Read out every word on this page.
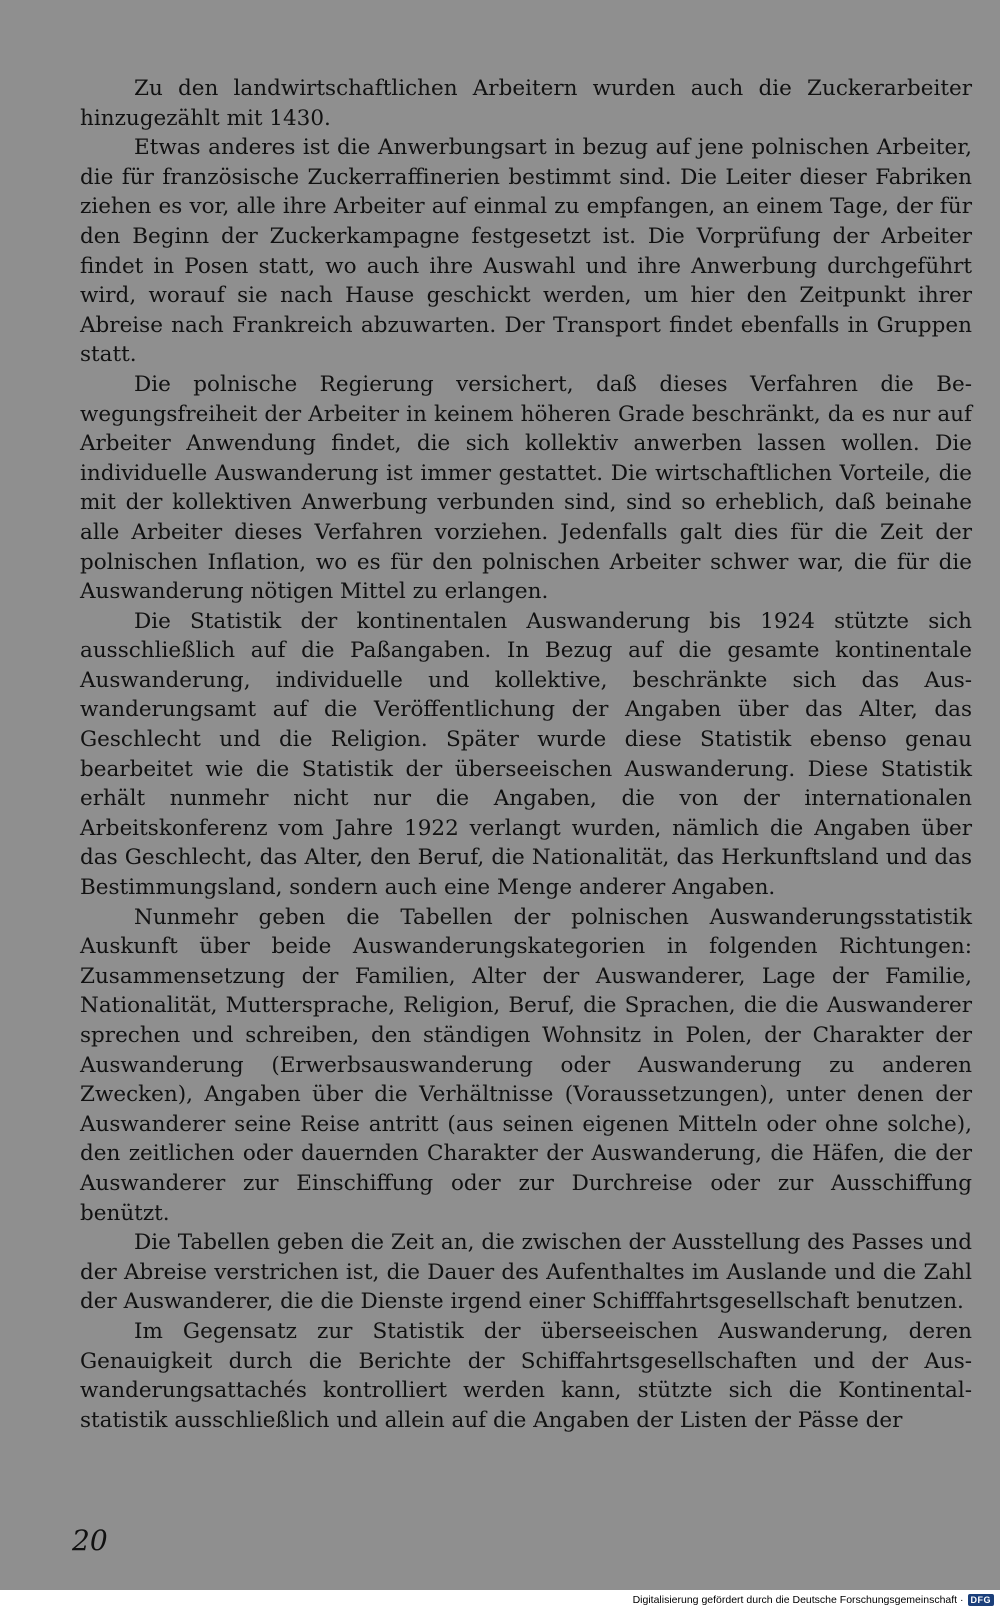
Zu den landwirtschaftlichen Arbeitern wurden auch die Zuckerarbeiter hinzugezählt mit 1430.

Etwas anderes ist die Anwerbungsart in bezug auf jene polnischen Arbeiter, die für französische Zuckerraffinerien bestimmt sind. Die Leiter dieser Fabriken ziehen es vor, alle ihre Arbeiter auf einmal zu empfangen, an einem Tage, der für den Beginn der Zuckerkampagne festgesetzt ist. Die Vorprüfung der Arbeiter findet in Posen statt, wo auch ihre Auswahl und ihre Anwerbung durchgeführt wird, worauf sie nach Hause geschickt werden, um hier den Zeitpunkt ihrer Abreise nach Frankreich abzuwarten. Der Transport findet ebenfalls in Gruppen statt.

Die polnische Regierung versichert, daß dieses Verfahren die Bewegungsfreiheit der Arbeiter in keinem höheren Grade beschränkt, da es nur auf Arbeiter Anwendung findet, die sich kollektiv anwerben lassen wollen. Die individuelle Auswanderung ist immer gestattet. Die wirtschaftlichen Vorteile, die mit der kollektiven Anwerbung verbunden sind, sind so erheblich, daß beinahe alle Arbeiter dieses Verfahren vorziehen. Jedenfalls galt dies für die Zeit der polnischen Inflation, wo es für den polnischen Arbeiter schwer war, die für die Auswanderung nötigen Mittel zu erlangen.

Die Statistik der kontinentalen Auswanderung bis 1924 stützte sich ausschließlich auf die Paßangaben. In Bezug auf die gesamte kontinentale Auswanderung, individuelle und kollektive, beschränkte sich das Auswanderungsamt auf die Veröffentlichung der Angaben über das Alter, das Geschlecht und die Religion. Später wurde diese Statistik ebenso genau bearbeitet wie die Statistik der überseeischen Auswanderung. Diese Statistik erhält nunmehr nicht nur die Angaben, die von der internationalen Arbeitskonferenz vom Jahre 1922 verlangt wurden, nämlich die Angaben über das Geschlecht, das Alter, den Beruf, die Nationalität, das Herkunftsland und das Bestimmungsland, sondern auch eine Menge anderer Angaben.

Nunmehr geben die Tabellen der polnischen Auswanderungsstatistik Auskunft über beide Auswanderungskategorien in folgenden Richtungen: Zusammensetzung der Familien, Alter der Auswanderer, Lage der Familie, Nationalität, Muttersprache, Religion, Beruf, die Sprachen, die die Auswanderer sprechen und schreiben, den ständigen Wohnsitz in Polen, der Charakter der Auswanderung (Erwerbsauswanderung oder Auswanderung zu anderen Zwecken), Angaben über die Verhältnisse (Voraussetzungen), unter denen der Auswanderer seine Reise antritt (aus seinen eigenen Mitteln oder ohne solche), den zeitlichen oder dauernden Charakter der Auswanderung, die Häfen, die der Auswanderer zur Einschiffung oder zur Durchreise oder zur Ausschiffung benützt.

Die Tabellen geben die Zeit an, die zwischen der Ausstellung des Passes und der Abreise verstrichen ist, die Dauer des Aufenthaltes im Auslande und die Zahl der Auswanderer, die die Dienste irgend einer Schifffahrtsgesellschaft benutzen.

Im Gegensatz zur Statistik der überseeischen Auswanderung, deren Genauigkeit durch die Berichte der Schiffahrtsgesellschaften und der Auswanderungsattachés kontrolliert werden kann, stützte sich die Kontinentalstatistik ausschließlich und allein auf die Angaben der Listen der Pässe der

20
Digitalisierung gefördert durch die Deutsche Forschungsgemeinschaft · DFG
